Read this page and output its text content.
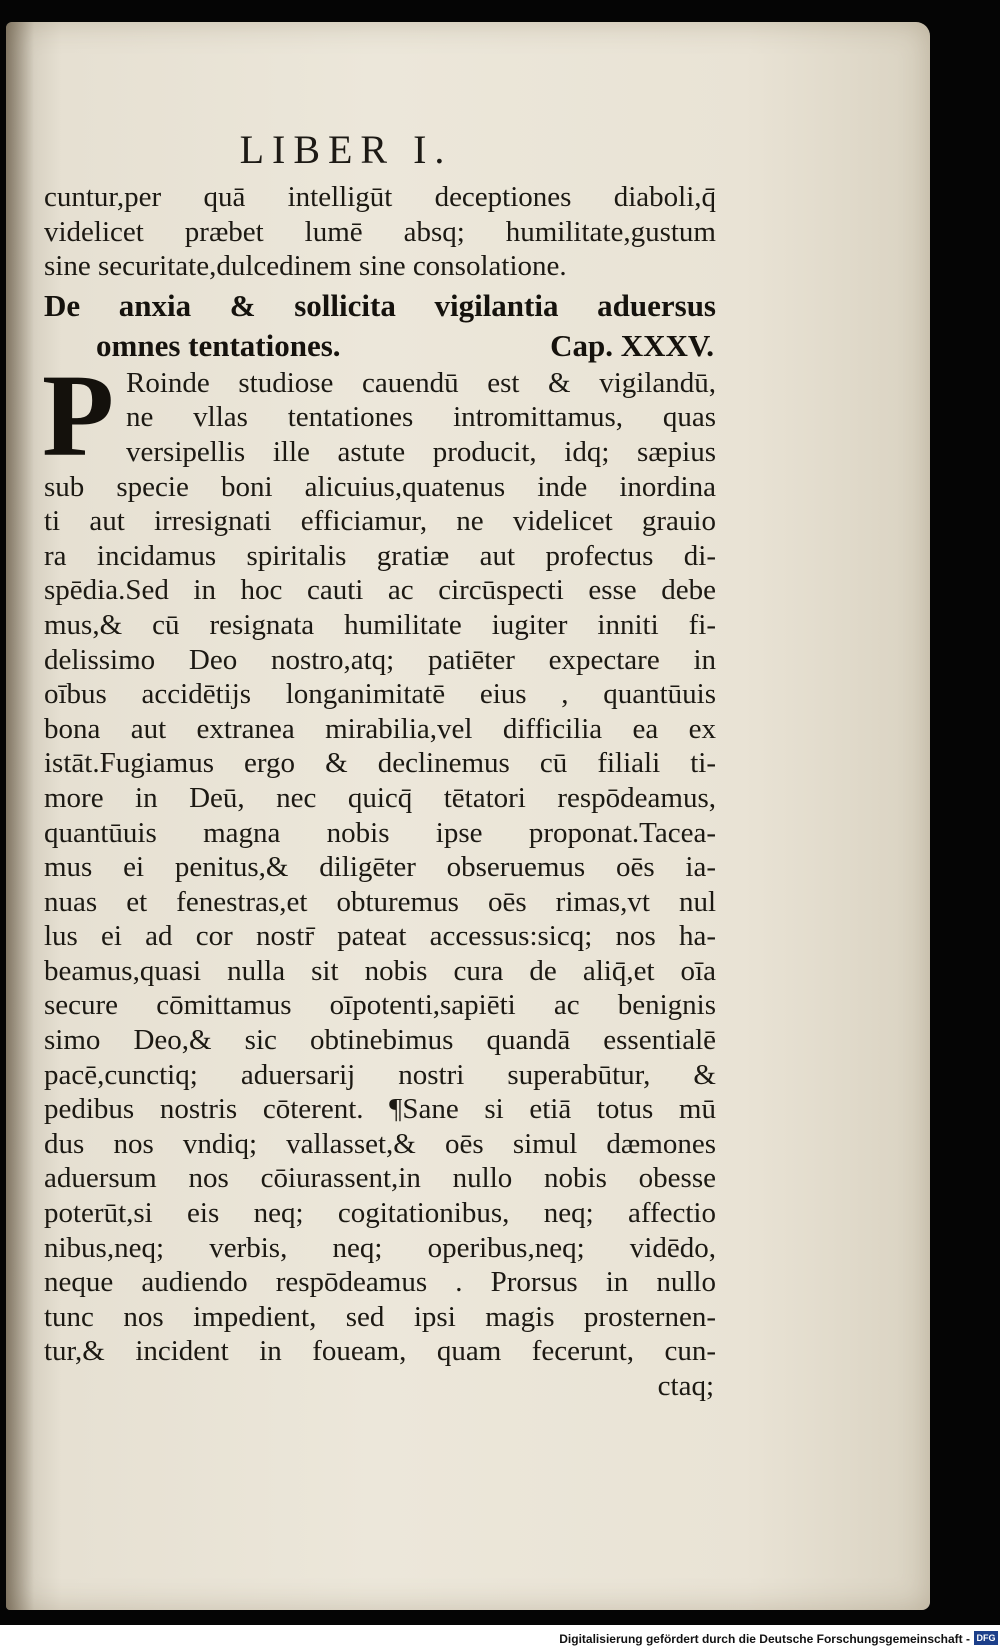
LIBER I.
cuntur,per quā intelligūt deceptiones diaboli,q̄
videlicet præbet lumē absq; humilitate,gustum
sine securitate,dulcedinem sine consolatione.
De anxia & sollicita vigilantia aduersus
omnes tentationes.	Cap. XXXV.
P Roinde studiose cauendū est & vigilandū,
ne vllas tentationes intromittamus, quas
versipellis ille astute producit, idq; sæpius
sub specie boni alicuius,quatenus inde inordina
ti aut irresignati efficiamur, ne videlicet grauio
ra incidamus spiritalis gratiæ aut profectus di-
spēdia.Sed in hoc cauti ac circūspecti esse debe
mus,& cū resignata humilitate iugiter inniti fi-
delissimo Deo nostro,atq; patiēter expectare in
oībus accidētijs longanimitatē eius , quantūuis
bona aut extranea mirabilia,vel difficilia ea ex
istāt.Fugiamus ergo & declinemus cū filiali ti-
more in Deū, nec quicq̄ tētatori respōdeamus,
quantūuis magna nobis ipse proponat.Tacea-
mus ei penitus,& diligēter obseruemus oēs ia-
nuas et fenestras,et obturemus oēs rimas,vt nul
lus ei ad cor nostr̄ pateat accessus:sicq; nos ha-
beamus,quasi nulla sit nobis cura de aliq̄,et oīa
secure cōmittamus oīpotenti,sapiēti ac benignis
simo Deo,& sic obtinebimus quandā essentialē
pacē,cunctiq; aduersarij nostri superabūtur, &
pedibus nostris cōterent. ¶Sane si etiā totus mū
dus nos vndiq; vallasset,& oēs simul dæmones
aduersum nos cōiurassent,in nullo nobis obesse
poterūt,si eis neq; cogitationibus, neq; affectio
nibus,neq; verbis, neq; operibus,neq; vidēdo,
neque audiendo respōdeamus . Prorsus in nullo
tunc nos impedient, sed ipsi magis prosternen-
tur,& incident in foueam, quam fecerunt, cun-
ctaq;
Digitalisierung gefördert durch die Deutsche Forschungsgemeinschaft - DFG
